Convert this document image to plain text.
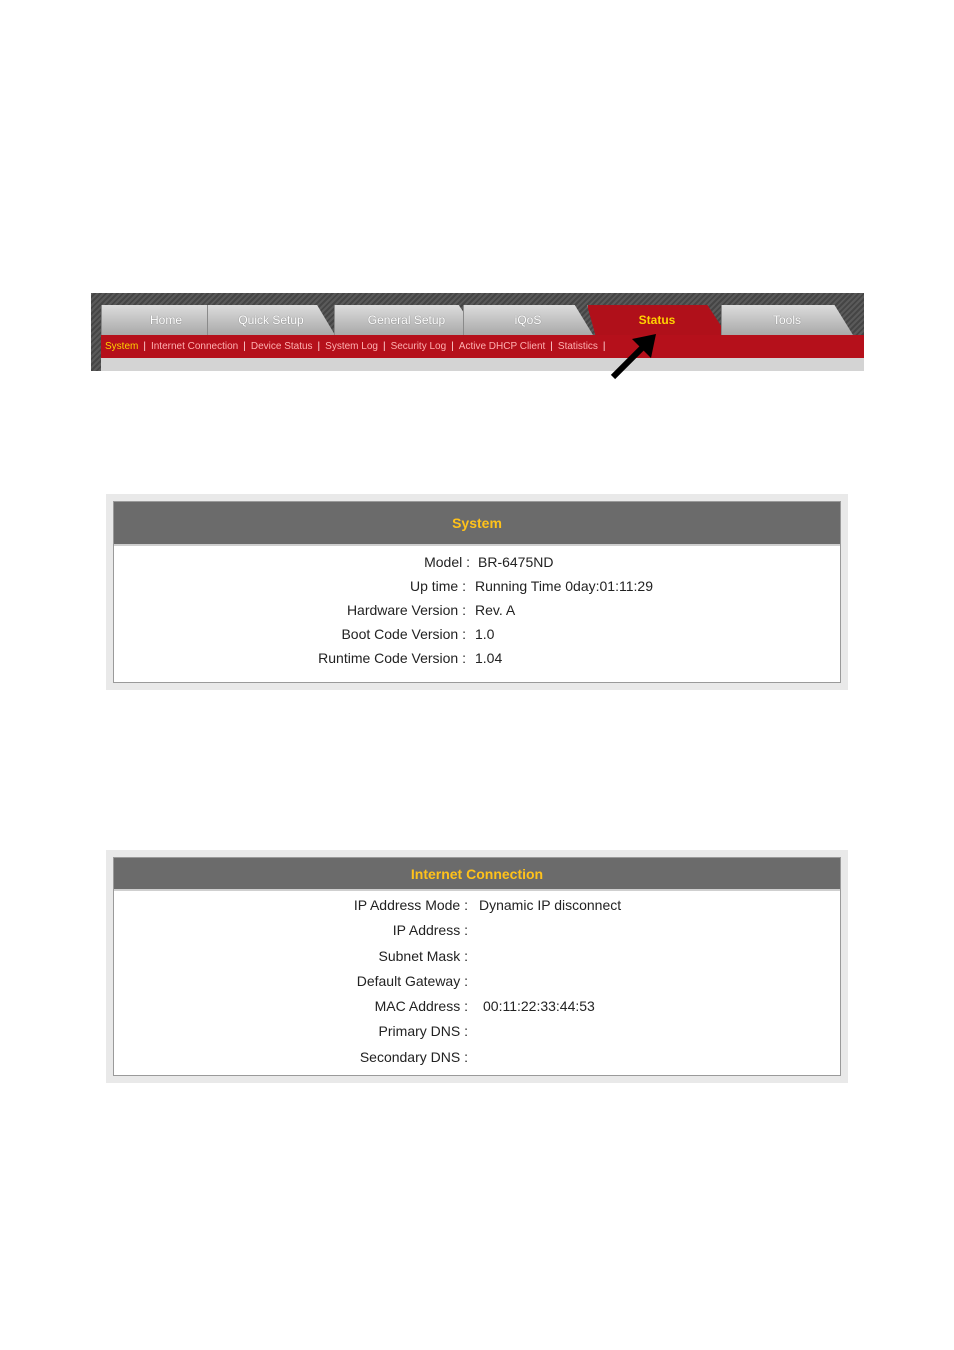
Home	Quick Setup	General Setup	iQoS	Status	Tools
System | Internet Connection | Device Status | System Log | Security Log | Active DHCP Client | Statistics |
System
Model : BR-6475ND
Up time : Running Time 0day:01:11:29
Hardware Version : Rev. A
Boot Code Version : 1.0
Runtime Code Version : 1.04
Internet Connection
IP Address Mode : Dynamic IP disconnect
IP Address :
Subnet Mask :
Default Gateway :
MAC Address : 00:11:22:33:44:53
Primary DNS :
Secondary DNS :
